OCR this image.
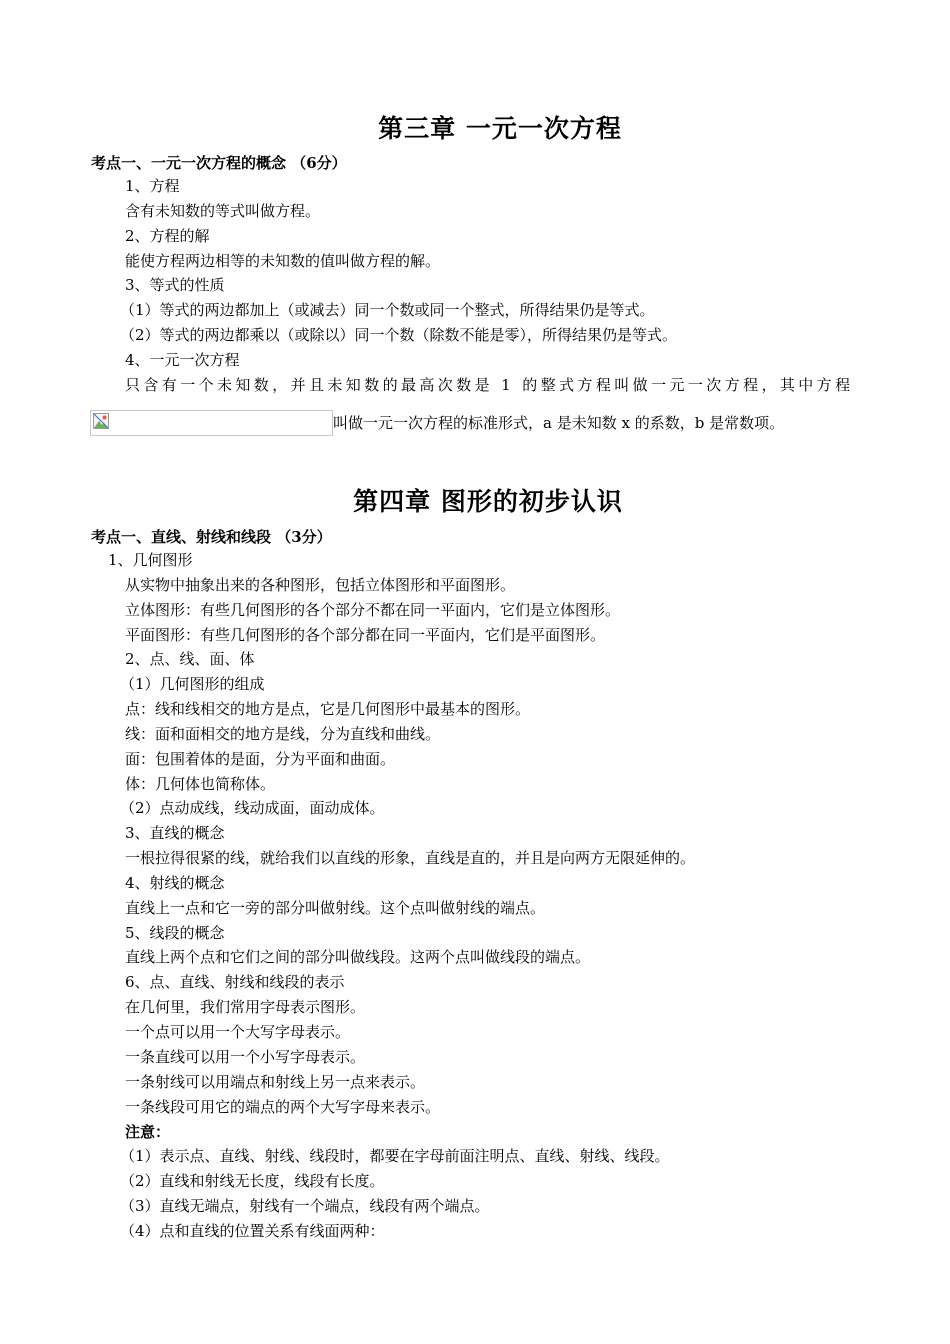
第三章 一元一次方程
考点一、一元一次方程的概念 （6分）
1、方程
含有未知数的等式叫做方程。
2、方程的解
能使方程两边相等的未知数的值叫做方程的解。
3、等式的性质
（1）等式的两边都加上（或减去）同一个数或同一个整式，所得结果仍是等式。
（2）等式的两边都乘以（或除以）同一个数（除数不能是零），所得结果仍是等式。
4、一元一次方程
只含有一个未知数，并且未知数的最高次数是 1 的整式方程叫做一元一次方程，其中方程
叫做一元一次方程的标准形式，a 是未知数 x 的系数，b 是常数项。
第四章 图形的初步认识
考点一、直线、射线和线段 （3分）
1、几何图形
从实物中抽象出来的各种图形，包括立体图形和平面图形。
立体图形：有些几何图形的各个部分不都在同一平面内，它们是立体图形。
平面图形：有些几何图形的各个部分都在同一平面内，它们是平面图形。
2、点、线、面、体
（1）几何图形的组成
点：线和线相交的地方是点，它是几何图形中最基本的图形。
线：面和面相交的地方是线，分为直线和曲线。
面：包围着体的是面，分为平面和曲面。
体：几何体也简称体。
（2）点动成线，线动成面，面动成体。
3、直线的概念
一根拉得很紧的线，就给我们以直线的形象，直线是直的，并且是向两方无限延伸的。
4、射线的概念
直线上一点和它一旁的部分叫做射线。这个点叫做射线的端点。
5、线段的概念
直线上两个点和它们之间的部分叫做线段。这两个点叫做线段的端点。
6、点、直线、射线和线段的表示
在几何里，我们常用字母表示图形。
一个点可以用一个大写字母表示。
一条直线可以用一个小写字母表示。
一条射线可以用端点和射线上另一点来表示。
一条线段可用它的端点的两个大写字母来表示。
注意：
（1）表示点、直线、射线、线段时，都要在字母前面注明点、直线、射线、线段。
（2）直线和射线无长度，线段有长度。
（3）直线无端点，射线有一个端点，线段有两个端点。
（4）点和直线的位置关系有线面两种：
